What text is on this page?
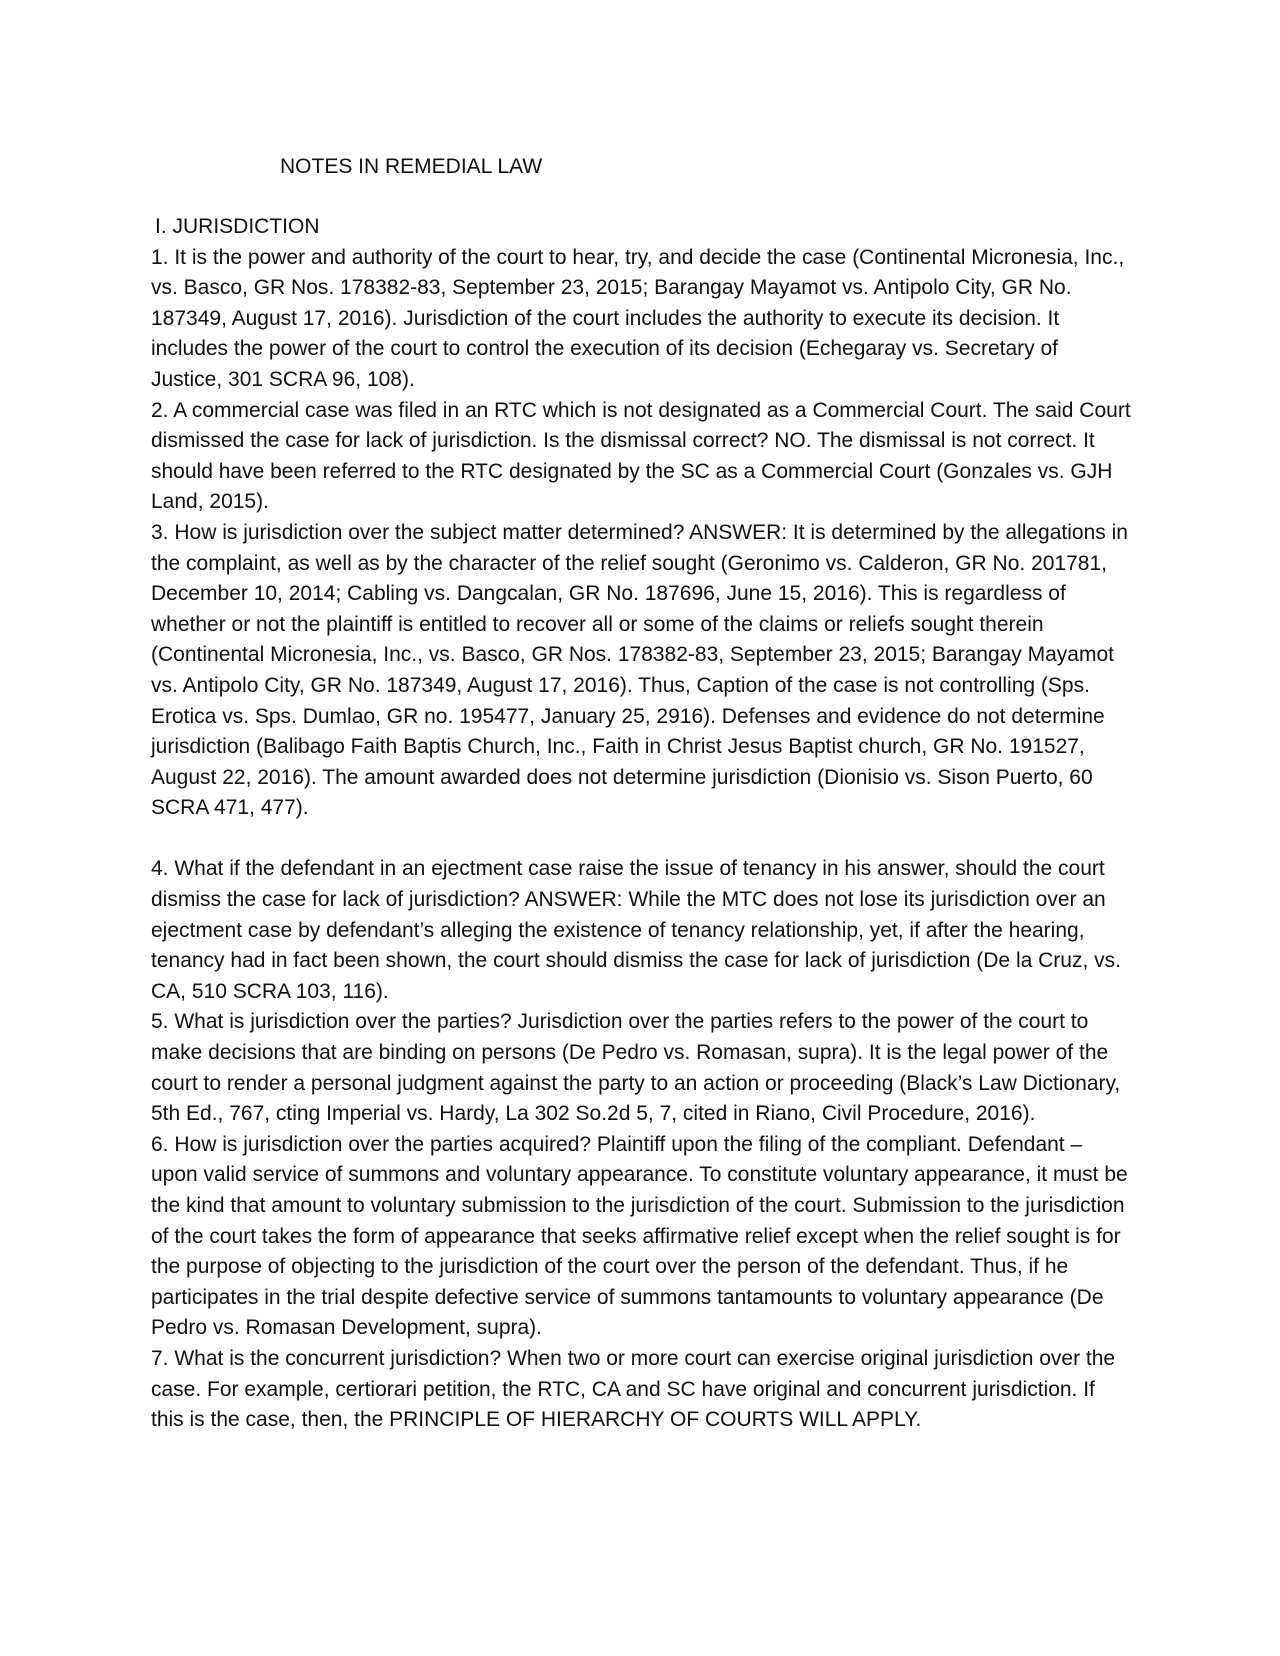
NOTES IN REMEDIAL LAW

I. JURISDICTION

1. It is the power and authority of the court to hear, try, and decide the case (Continental Micronesia, Inc., vs. Basco, GR Nos. 178382-83, September 23, 2015; Barangay Mayamot vs. Antipolo City, GR No. 187349, August 17, 2016). Jurisdiction of the court includes the authority to execute its decision. It includes the power of the court to control the execution of its decision (Echegaray vs. Secretary of Justice, 301 SCRA 96, 108).

2. A commercial case was filed in an RTC which is not designated as a Commercial Court. The said Court dismissed the case for lack of jurisdiction. Is the dismissal correct? NO. The dismissal is not correct. It should have been referred to the RTC designated by the SC as a Commercial Court (Gonzales vs. GJH Land, 2015).

3. How is jurisdiction over the subject matter determined? ANSWER: It is determined by the allegations in the complaint, as well as by the character of the relief sought (Geronimo vs. Calderon, GR No. 201781, December 10, 2014; Cabling vs. Dangcalan, GR No. 187696, June 15, 2016). This is regardless of whether or not the plaintiff is entitled to recover all or some of the claims or reliefs sought therein (Continental Micronesia, Inc., vs. Basco, GR Nos. 178382-83, September 23, 2015; Barangay Mayamot vs. Antipolo City, GR No. 187349, August 17, 2016). Thus, Caption of the case is not controlling (Sps. Erotica vs. Sps. Dumlao, GR no. 195477, January 25, 2916). Defenses and evidence do not determine jurisdiction (Balibago Faith Baptis Church, Inc., Faith in Christ Jesus Baptist church, GR No. 191527, August 22, 2016). The amount awarded does not determine jurisdiction (Dionisio vs. Sison Puerto, 60 SCRA 471, 477).

4. What if the defendant in an ejectment case raise the issue of tenancy in his answer, should the court dismiss the case for lack of jurisdiction? ANSWER: While the MTC does not lose its jurisdiction over an ejectment case by defendant’s alleging the existence of tenancy relationship, yet, if after the hearing, tenancy had in fact been shown, the court should dismiss the case for lack of jurisdiction (De la Cruz, vs. CA, 510 SCRA 103, 116).

5. What is jurisdiction over the parties? Jurisdiction over the parties refers to the power of the court to make decisions that are binding on persons (De Pedro vs. Romasan, supra). It is the legal power of the court to render a personal judgment against the party to an action or proceeding (Black’s Law Dictionary, 5th Ed., 767, cting Imperial vs. Hardy, La 302 So.2d 5, 7, cited in Riano, Civil Procedure, 2016).

6. How is jurisdiction over the parties acquired? Plaintiff upon the filing of the compliant. Defendant – upon valid service of summons and voluntary appearance. To constitute voluntary appearance, it must be the kind that amount to voluntary submission to the jurisdiction of the court. Submission to the jurisdiction of the court takes the form of appearance that seeks affirmative relief except when the relief sought is for the purpose of objecting to the jurisdiction of the court over the person of the defendant. Thus, if he participates in the trial despite defective service of summons tantamounts to voluntary appearance (De Pedro vs. Romasan Development, supra).

7. What is the concurrent jurisdiction? When two or more court can exercise original jurisdiction over the case. For example, certiorari petition, the RTC, CA and SC have original and concurrent jurisdiction. If this is the case, then, the PRINCIPLE OF HIERARCHY OF COURTS WILL APPLY.
